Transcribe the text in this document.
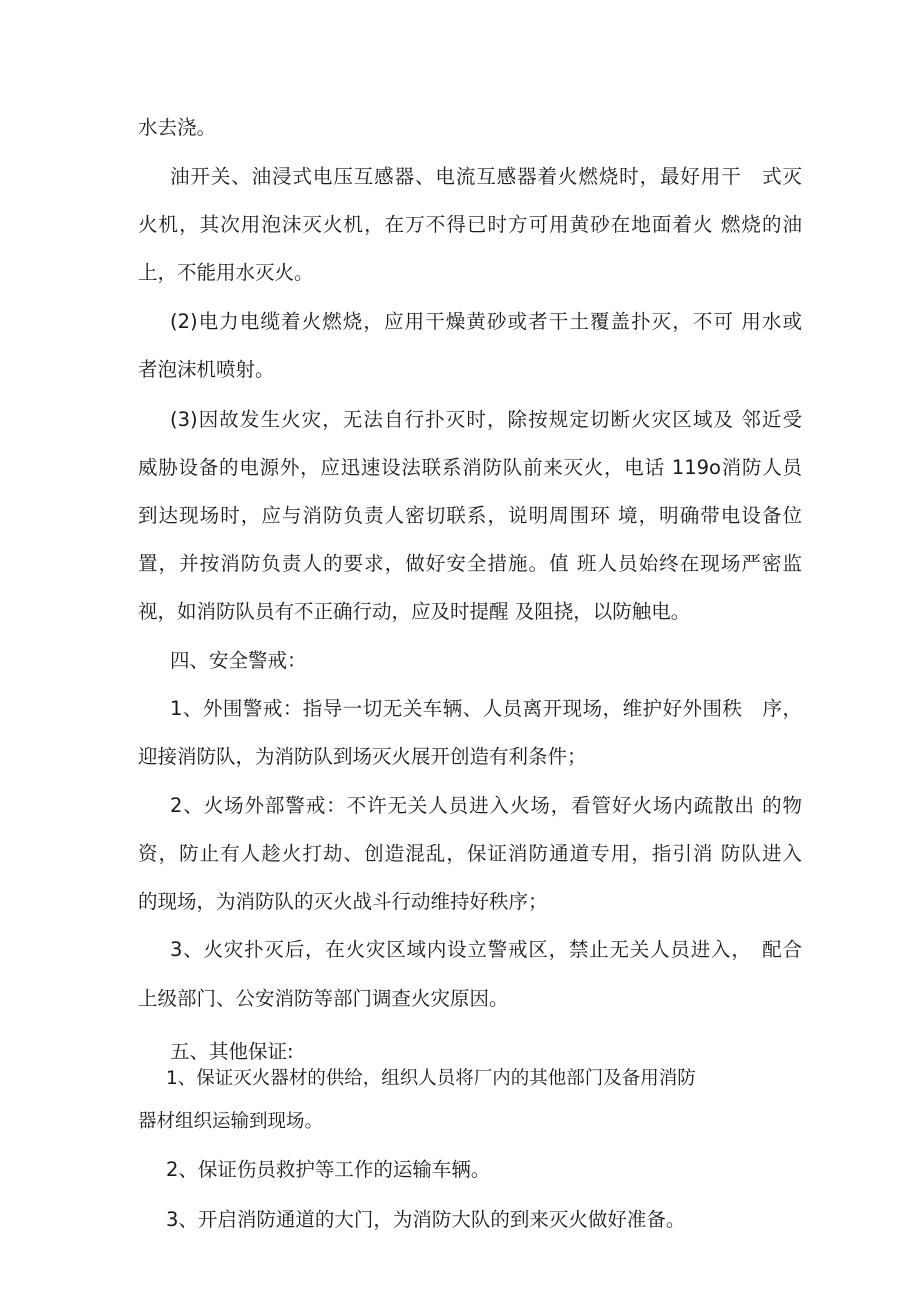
水去浇。
油开关、油浸式电压互感器、电流互感器着火燃烧时，最好用干　式灭
火机，其次用泡沫灭火机，在万不得已时方可用黄砂在地面着火 燃烧的油
上，不能用水灭火。
(2)电力电缆着火燃烧，应用干燥黄砂或者干土覆盖扑灭，不可 用水或
者泡沫机喷射。
(3)因故发生火灾，无法自行扑灭时，除按规定切断火灾区域及 邻近受
威胁设备的电源外，应迅速设法联系消防队前来灭火，电话 119o消防人员
到达现场时，应与消防负责人密切联系，说明周围环 境，明确带电设备位
置，并按消防负责人的要求，做好安全措施。值 班人员始终在现场严密监
视，如消防队员有不正确行动，应及时提醒 及阻挠，以防触电。
四、安全警戒：
1、外围警戒：指导一切无关车辆、人员离开现场，维护好外围秩　序，
迎接消防队，为消防队到场灭火展开创造有利条件；
2、火场外部警戒：不许无关人员进入火场，看管好火场内疏散出 的物
资，防止有人趁火打劫、创造混乱，保证消防通道专用，指引消 防队进入
的现场，为消防队的灭火战斗行动维持好秩序；
3、火灾扑灭后，在火灾区域内设立警戒区，禁止无关人员进入，　配合
上级部门、公安消防等部门调查火灾原因。
五、其他保证:
1、保证灭火器材的供给，组织人员将厂内的其他部门及备用消防
器材组织运输到现场。
2、保证伤员救护等工作的运输车辆。
3、开启消防通道的大门，为消防大队的到来灭火做好准备。
